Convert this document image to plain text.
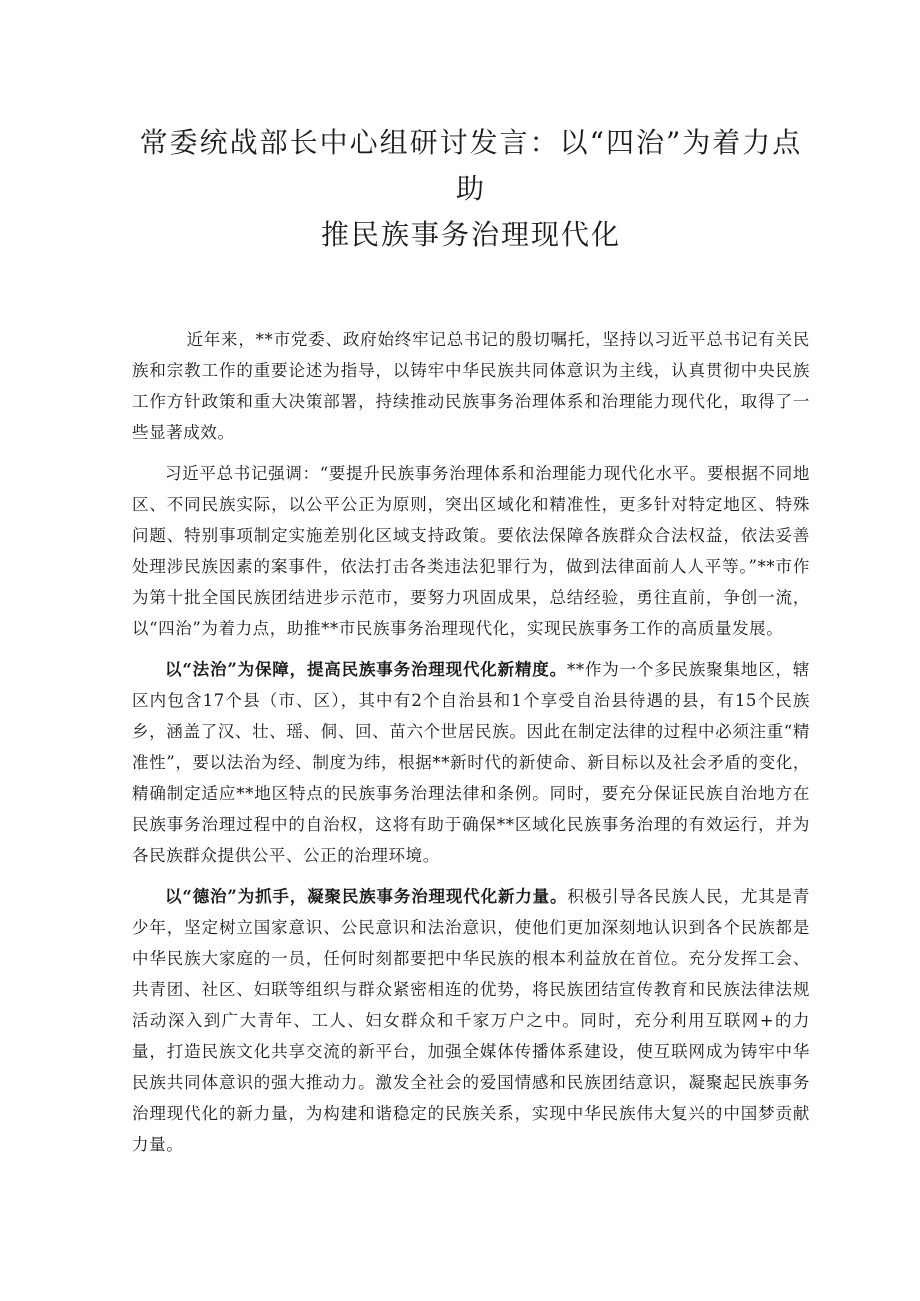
常委统战部长中心组研讨发言：以“四治”为着力点助
推民族事务治理现代化

近年来，**市党委、政府始终牢记总书记的殷切嘱托，坚持以习近平总书记有关民族和宗教工作的重要论述为指导，以铸牢中华民族共同体意识为主线，认真贯彻中央民族工作方针政策和重大决策部署，持续推动民族事务治理体系和治理能力现代化，取得了一些显著成效。

习近平总书记强调：“要提升民族事务治理体系和治理能力现代化水平。要根据不同地区、不同民族实际，以公平公正为原则，突出区域化和精准性，更多针对特定地区、特殊问题、特别事项制定实施差别化区域支持政策。要依法保障各族群众合法权益，依法妥善处理涉民族因素的案事件，依法打击各类违法犯罪行为，做到法律面前人人平等。”**市作为第十批全国民族团结进步示范市，要努力巩固成果，总结经验，勇往直前，争创一流，以“四治”为着力点，助推**市民族事务治理现代化，实现民族事务工作的高质量发展。

以“法治”为保障，提高民族事务治理现代化新精度。**作为一个多民族聚集地区，辖区内包含17个县（市、区），其中有2个自治县和1个享受自治县待遇的县，有15个民族乡，涵盖了汉、壮、瑶、侗、回、苗六个世居民族。因此在制定法律的过程中必须注重“精准性”，要以法治为经、制度为纬，根据**新时代的新使命、新目标以及社会矛盾的变化，精确制定适应**地区特点的民族事务治理法律和条例。同时，要充分保证民族自治地方在民族事务治理过程中的自治权，这将有助于确保**区域化民族事务治理的有效运行，并为各民族群众提供公平、公正的治理环境。

以“德治”为抓手，凝聚民族事务治理现代化新力量。积极引导各民族人民，尤其是青少年，坚定树立国家意识、公民意识和法治意识，使他们更加深刻地认识到各个民族都是中华民族大家庭的一员，任何时刻都要把中华民族的根本利益放在首位。充分发挥工会、共青团、社区、妇联等组织与群众紧密相连的优势，将民族团结宣传教育和民族法律法规活动深入到广大青年、工人、妇女群众和千家万户之中。同时，充分利用互联网+的力量，打造民族文化共享交流的新平台，加强全媒体传播体系建设，使互联网成为铸牢中华民族共同体意识的强大推动力。激发全社会的爱国情感和民族团结意识，凝聚起民族事务治理现代化的新力量，为构建和谐稳定的民族关系，实现中华民族伟大复兴的中国梦贡献力量。
